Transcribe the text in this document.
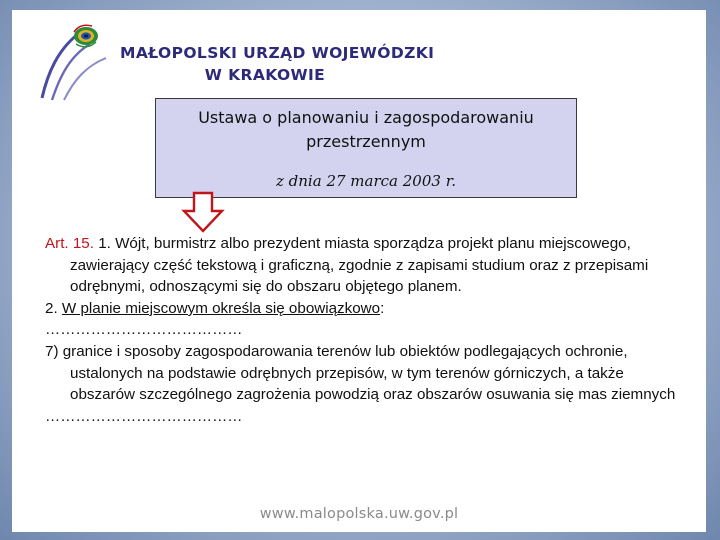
MAŁOPOLSKI URZĄD WOJEWÓDZKI
W KRAKOWIE
Ustawa o planowaniu i zagospodarowaniu
przestrzennym
z dnia 27 marca 2003 r.
Art. 15. 1. Wójt, burmistrz albo prezydent miasta sporządza projekt planu miejscowego, zawierający część tekstową i graficzną, zgodnie z zapisami studium oraz z przepisami odrębnymi, odnoszącymi się do obszaru objętego planem.
2. W planie miejscowym określa się obowiązkowo:
…………………………………
7) granice i sposoby zagospodarowania terenów lub obiektów podlegających ochronie, ustalonych na podstawie odrębnych przepisów, w tym terenów górniczych, a także obszarów szczególnego zagrożenia powodzią oraz obszarów osuwania się mas ziemnych
…………………………………
www.malopolska.uw.gov.pl
